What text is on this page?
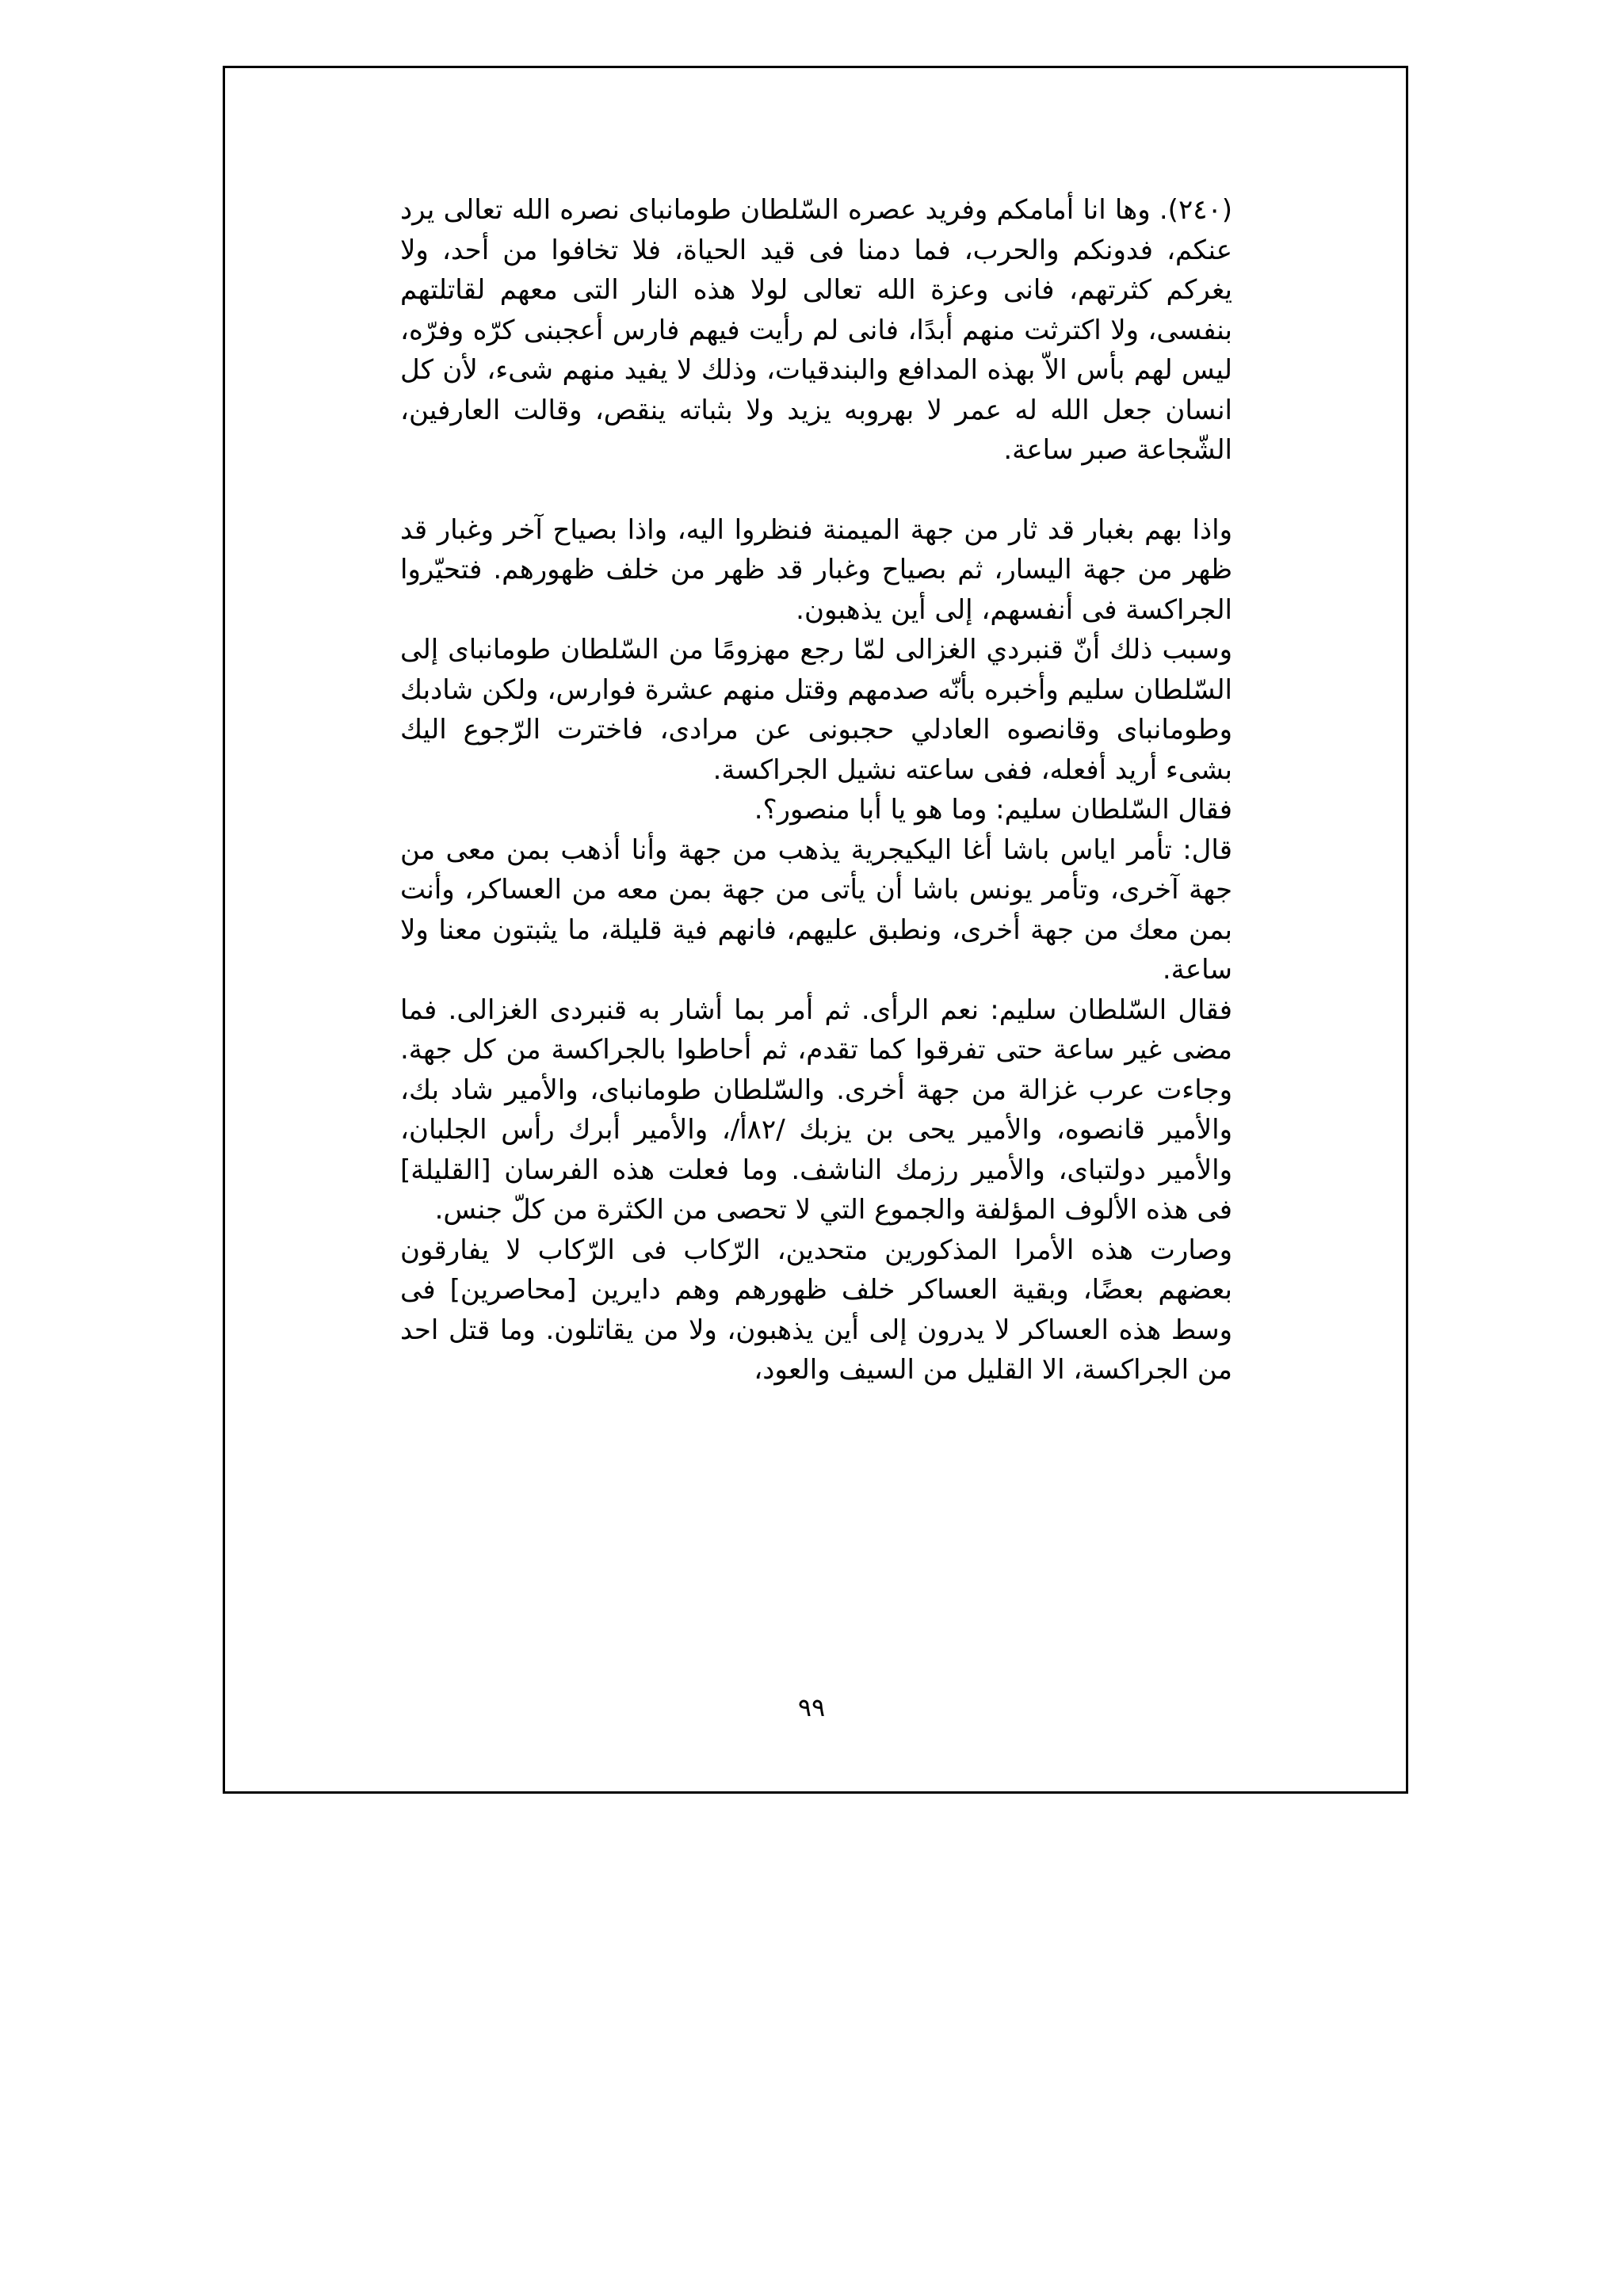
(٢٤٠). وها انا أمامكم وفريد عصره السّلطان طومانباى نصره الله تعالى يرد عنكم، فدونكم والحرب، فما دمنا فى قيد الحياة، فلا تخافوا من أحد، ولا يغركم كثرتهم، فانى وعزة الله تعالى لولا هذه النار التى معهم لقاتلتهم بنفسى، ولا اكترثت منهم أبدًا، فانى لم رأيت فيهم فارس أعجبنى كرّه وفرّه، ليس لهم بأس الاّ بهذه المدافع والبندقيات، وذلك لا يفيد منهم شىء، لأن كل انسان جعل الله له عمر لا بهروبه يزيد ولا بثباته ينقص، وقالت العارفين، الشّجاعة صبر ساعة.

واذا بهم بغبار قد ثار من جهة الميمنة فنظروا اليه، واذا بصياح آخر وغبار قد ظهر من جهة اليسار، ثم بصياح وغبار قد ظهر من خلف ظهورهم. فتحيّروا الجراكسة فى أنفسهم، إلى أين يذهبون.

وسبب ذلك أنّ قنبردي الغزالى لمّا رجع مهزومًا من السّلطان طومانباى إلى السّلطان سليم وأخبره بأنّه صدمهم وقتل منهم عشرة فوارس، ولكن شادبك وطومانباى وقانصوه العادلي حجبونى عن مرادى، فاخترت الرّجوع اليك بشىء أريد أفعله، ففى ساعته نشيل الجراكسة.

فقال السّلطان سليم: وما هو يا أبا منصور؟.

قال: تأمر اياس باشا أغا اليكيجرية يذهب من جهة وأنا أذهب بمن معى من جهة آخرى، وتأمر يونس باشا أن يأتى من جهة بمن معه من العساكر، وأنت بمن معك من جهة أخرى، ونطبق عليهم، فانهم فية قليلة، ما يثبتون معنا ولا ساعة.

فقال السّلطان سليم: نعم الرأى. ثم أمر بما أشار به قنبردى الغزالى. فما مضى غير ساعة حتى تفرقوا كما تقدم، ثم أحاطوا بالجراكسة من كل جهة. وجاءت عرب غزالة من جهة أخرى. والسّلطان طومانباى، والأمير شاد بك، والأمير قانصوه، والأمير يحى بن يزبك /٨٢أ/، والأمير أبرك رأس الجلبان، والأمير دولتباى، والأمير رزمك الناشف. وما فعلت هذه الفرسان [القليلة] فى هذه الألوف المؤلفة والجموع التي لا تحصى من الكثرة من كلّ جنس.

وصارت هذه الأمرا المذكورين متحدين، الرّكاب فى الرّكاب لا يفارقون بعضهم بعضًا، وبقية العساكر خلف ظهورهم وهم دايرين [محاصرين] فى وسط هذه العساكر لا يدرون إلى أين يذهبون، ولا من يقاتلون. وما قتل احد من الجراكسة، الا القليل من السيف والعود،

٩٩
